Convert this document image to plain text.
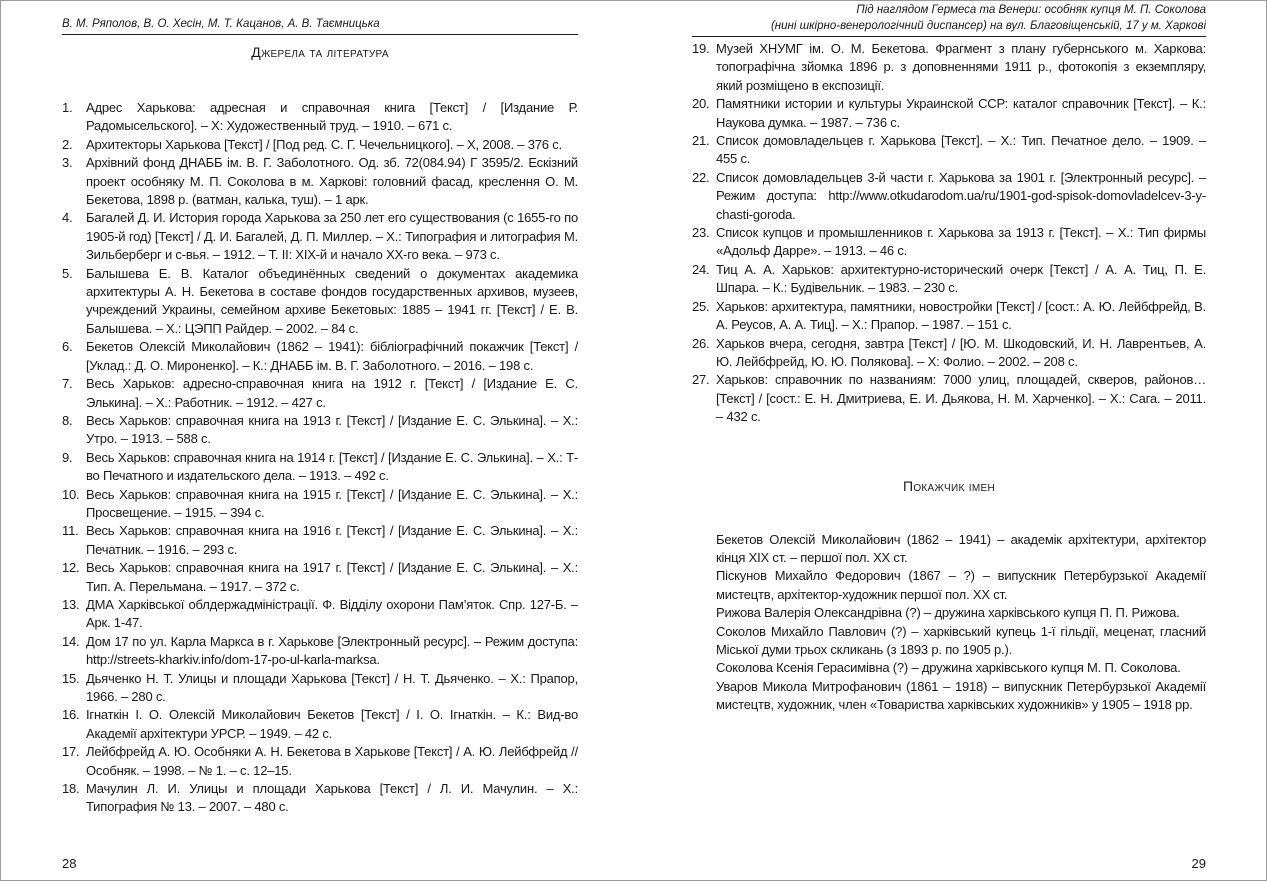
В. М. Ряполов, В. О. Хесін, М. Т. Кацанов, А. В. Таємницька
Джерела та література
1. Адрес Харькова: адресная и справочная книга [Текст] / [Издание Р. Радомыcельского]. – Х: Художественный труд. – 1910. – 671 с.
2. Архитекторы Харькова [Текст] / [Под ред. С. Г. Чечельницкого]. – Х, 2008. – 376 с.
3. Архівний фонд ДНАББ ім. В. Г. Заболотного. Од. зб. 72(084.94) Г 3595/2. Ескізний проект особняку М. П. Соколова в м. Харкові: головний фасад, креслення О. М. Бекетова, 1898 р. (ватман, калька, туш). – 1 арк.
4. Багалей Д. И. История города Харькова за 250 лет его существования (с 1655-го по 1905-й год) [Текст] / Д. И. Багалей, Д. П. Миллер. – Х.: Типография и литография М. Зильберберг и с-вья. – 1912. – Т. II: XIX-й и начало XX-го века. – 973 с.
5. Балышева Е. В. Каталог объединённых сведений о документах академика архитектуры А. Н. Бекетова в составе фондов государственных архивов, музеев, учреждений Украины, семейном архиве Бекетовых: 1885 – 1941 гг. [Текст] / Е. В. Балышева. – Х.: ЦЭПП Райдер. – 2002. – 84 с.
6. Бекетов Олексій Миколайович (1862 – 1941): бібліографічний покажчик [Текст] / [Уклад.: Д. О. Мироненко]. – К.: ДНАББ ім. В. Г. Заболотного. – 2016. – 198 с.
7. Весь Харьков: адресно-справочная книга на 1912 г. [Текст] / [Издание Е. С. Элькина]. – Х.: Работник. – 1912. – 427 с.
8. Весь Харьков: справочная книга на 1913 г. [Текст] / [Издание Е. С. Элькина]. – Х.: Утро. – 1913. – 588 с.
9. Весь Харьков: справочная книга на 1914 г. [Текст] / [Издание Е. С. Элькина]. – Х.: Т-во Печатного и издательского дела. – 1913. – 492 с.
10. Весь Харьков: справочная книга на 1915 г. [Текст] / [Издание Е. С. Элькина]. – Х.: Просвещение. – 1915. – 394 с.
11. Весь Харьков: справочная книга на 1916 г. [Текст] / [Издание Е. С. Элькина]. – Х.: Печатник. – 1916. – 293 с.
12. Весь Харьков: справочная книга на 1917 г. [Текст] / [Издание Е. С. Элькина]. – Х.: Тип. А. Перельмана. – 1917. – 372 с.
13. ДМА Харківської облдержадміністрації. Ф. Відділу охорони Пам’яток. Спр. 127-Б. – Арк. 1-47.
14. Дом 17 по ул. Карла Маркса в г. Харькове [Электронный ресурс]. – Режим доступа: http://streets-kharkiv.info/dom-17-po-ul-karla-marksa.
15. Дьяченко Н. Т. Улицы и площади Харькова [Текст] / Н. Т. Дьяченко. – Х.: Прапор, 1966. – 280 с.
16. Ігнаткін І. О. Олексій Миколайович Бекетов [Текст] / І. О. Ігнаткін. – К.: Вид-во Академії архітектури УРСР. – 1949. – 42 с.
17. Лейбфрейд А. Ю. Особняки А. Н. Бекетова в Харькове [Текст] / А. Ю. Лейбфрейд // Особняк. – 1998. – № 1. – с. 12–15.
18. Мачулин Л. И. Улицы и площади Харькова [Текст] / Л. И. Мачулин. – Х.: Типография № 13. – 2007. – 480 с.
28
Під наглядом Гермеса та Венери: особняк купця М. П. Соколова
(нині шкірно-венерологічний диспансер) на вул. Благовіщенській, 17 у м. Харкові
19. Музей ХНУМГ ім. О. М. Бекетова. Фрагмент з плану губернського м. Харкова: топографічна зйомка 1896 р. з доповненнями 1911 р., фотокопія з екземпляру, який розміщено в експозиції.
20. Памятники истории и культуры Украинской ССР: каталог справочник [Текст]. – К.: Наукова думка. – 1987. – 736 с.
21. Список домовладельцев г. Харькова [Текст]. – Х.: Тип. Печатное дело. – 1909. – 455 с.
22. Список домовладельцев 3-й части г. Харькова за 1901 г. [Электронный ресурс]. – Режим доступа: http://www.otkudarodom.ua/ru/1901-god-spisok-domovladelcev-3-y-chasti-goroda.
23. Список купцов и промышленников г. Харькова за 1913 г. [Текст]. – Х.: Тип фирмы «Адольф Дарре». – 1913. – 46 с.
24. Тиц А. А. Харьков: архитектурно-исторический очерк [Текст] / А. А. Тиц, П. Е. Шпара. – К.: Будівельник. – 1983. – 230 с.
25. Харьков: архитектура, памятники, новостройки [Текст] / [сост.: А. Ю. Лейбфрейд, В. А. Реусов, А. А. Тиц]. – Х.: Прапор. – 1987. – 151 с.
26. Харьков вчера, сегодня, завтра [Текст] / [Ю. М. Шкодовский, И. Н. Лаврентьев, А. Ю. Лейбфрейд, Ю. Ю. Полякова]. – Х: Фолио. – 2002. – 208 с.
27. Харьков: справочник по названиям: 7000 улиц, площадей, скверов, районов… [Текст] / [сост.: Е. Н. Дмитриева, Е. И. Дьякова, Н. М. Харченко]. – Х.: Сага. – 2011. – 432 с.
Покажчик імен

Бекетов Олексій Миколайович (1862 – 1941) – академік архітектури, архітектор кінця XIX ст. – першої пол. XX ст.

Піскунов Михайло Федорович (1867 – ?) – випускник Петербурзької Академії мистецтв, архітектор-художник першої пол. XX ст.

Рижова Валерія Олександрівна (?) – дружина харківського купця П. П. Рижова.

Соколов Михайло Павлович (?) – харківський купець 1-ї гільдії, меценат, гласний Міської думи трьох скликань (з 1893 р. по 1905 р.).

Соколова Ксенія Герасимівна (?) – дружина харківського купця М. П. Соколова.

Уваров Микола Митрофанович (1861 – 1918) – випускник Петербурзької Академії мистецтв, художник, член «Товариства харківських художників» у 1905 – 1918 рр.

29
